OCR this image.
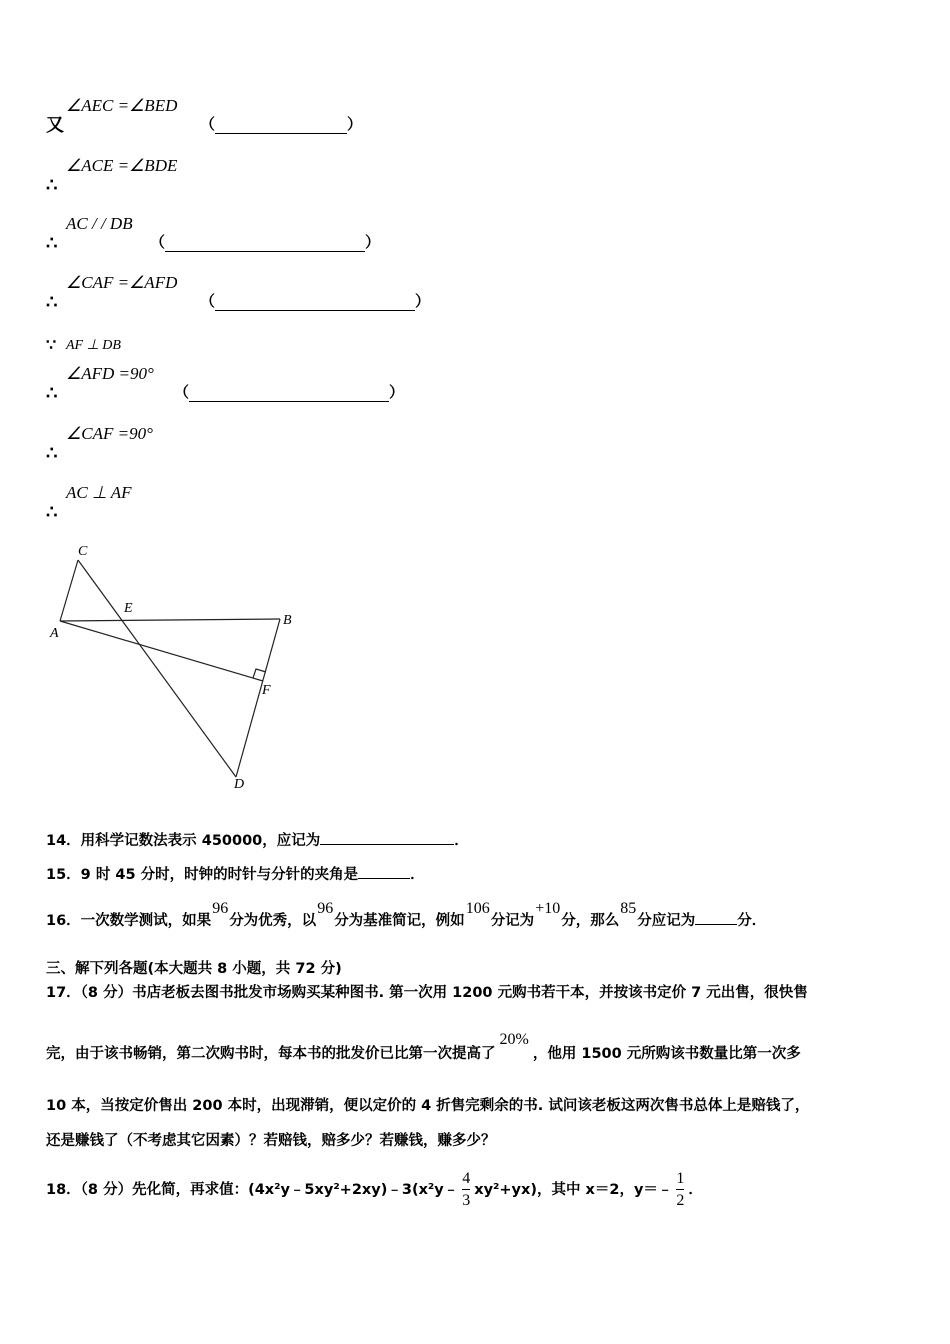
又
∠AEC =∠BED
（	）
∴
∠ACE =∠BDE
∴
AC / / DB
（	）
∴
∠CAF =∠AFD
（	）
∵ AF ⊥ DB
∴
∠AFD =90°
（	）
∴
∠CAF =90°
∴
AC ⊥ AF
C
E
B
A
F
D
14．用科学记数法表示 450000，应记为	．
15．9 时 45 分时，时钟的时针与分针的夹角是	．
16．一次数学测试，如果96分为优秀，以96分为基准简记，例如106分记为+10分，那么85分应记为	分．
三、解下列各题(本大题共 8 小题，共 72 分)
17．（8 分）书店老板去图书批发市场购买某种图书. 第一次用 1200 元购书若干本，并按该书定价 7 元出售，很快售
完，由于该书畅销，第二次购书时，每本书的批发价已比第一次提高了20%，他用 1500 元所购该书数量比第一次多
10 本，当按定价售出 200 本时，出现滞销，便以定价的 4 折售完剩余的书. 试问该老板这两次售书总体上是赔钱了，
还是赚钱了（不考虑其它因素）？若赔钱，赔多少？若赚钱，赚多少？
18．（8 分）先化简，再求值：(4x²y﹣5xy²+2xy)﹣3(x²y﹣ $\frac{4}{3} xy^2+yx$)，其中 x＝2，y＝﹣ $\frac{1}{2}$ ．
